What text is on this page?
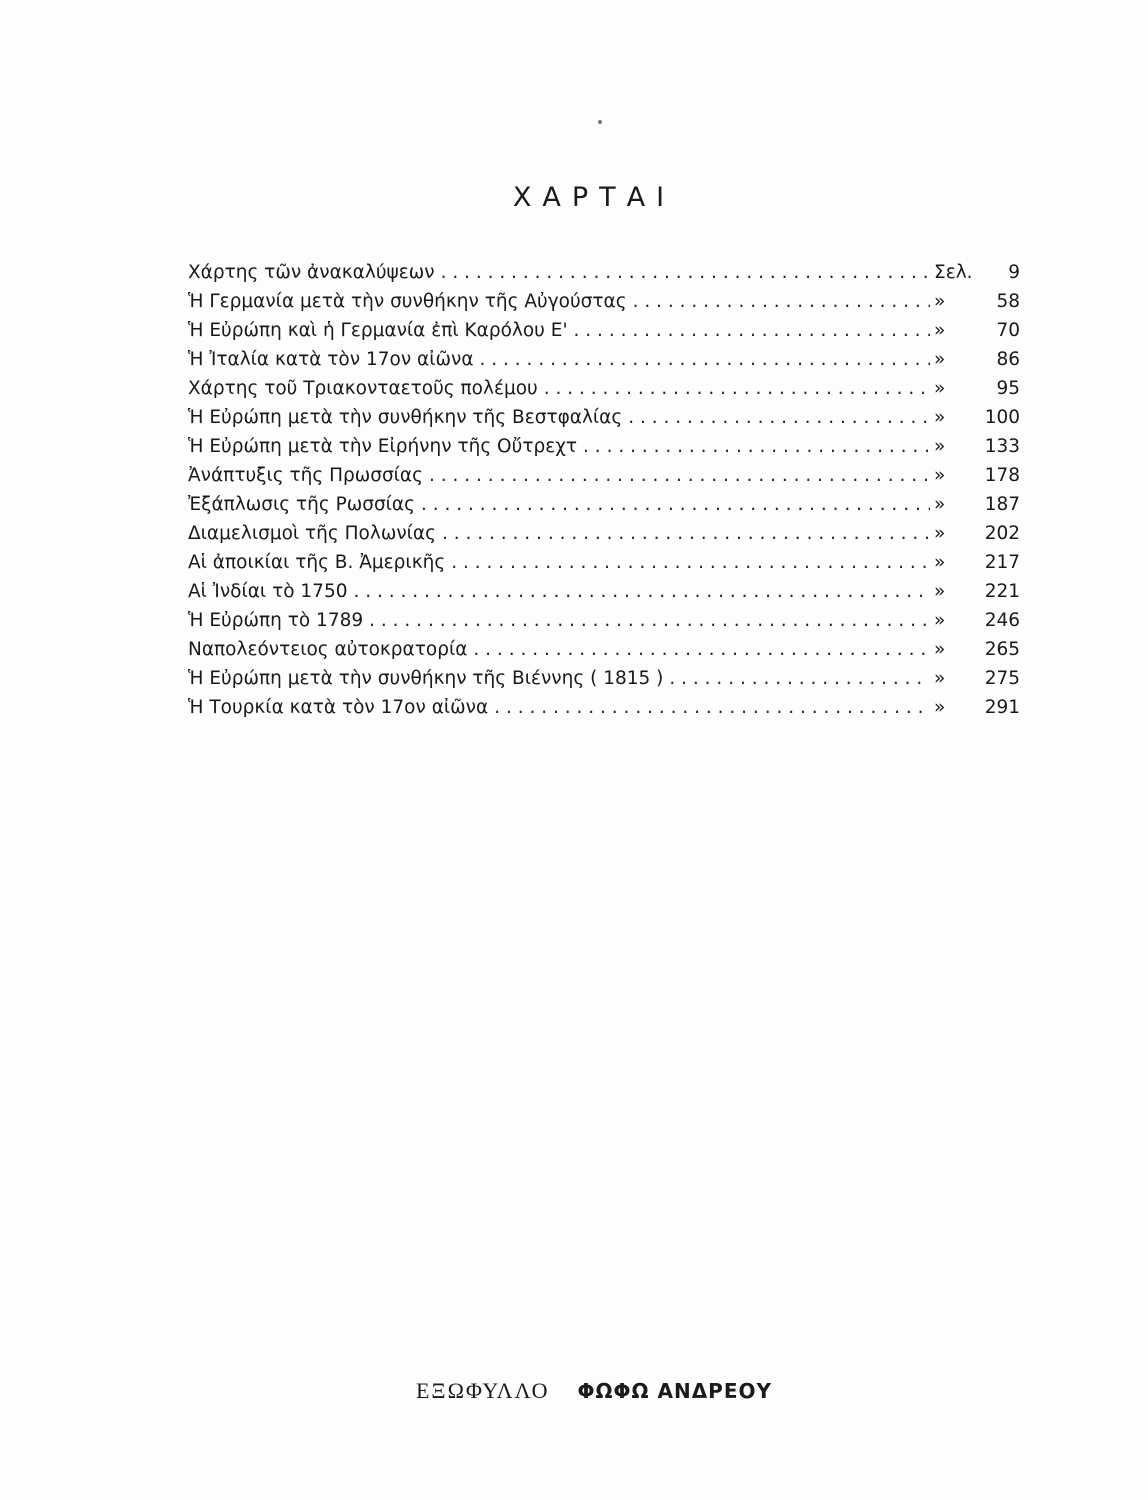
ΧΑΡΤΑΙ
Χάρτης τῶν ἀνακαλύψεων . . .	Σελ.	9
Ἡ Γερμανία μετὰ τὴν συνθήκην τῆς Αὐγούστας . . .	»	58
Ἡ Εὐρώπη καὶ ἡ Γερμανία ἐπὶ Καρόλου Ε' . . .	»	70
Ἡ Ἰταλία κατὰ τὸν 17ον αἰῶνα . . .	»	86
Χάρτης τοῦ Τριακονταετοῦς πολέμου . . .	»	95
Ἡ Εὐρώπη μετὰ τὴν συνθήκην τῆς Βεστφαλίας . . .	»	100
Ἡ Εὐρώπη μετὰ τὴν Εἰρήνην τῆς Οὔτρεχτ . . .	»	133
Ἀνάπτυξις τῆς Πρωσσίας . . .	»	178
Ἐξάπλωσις τῆς Ρωσσίας . . .	»	187
Διαμελισμοὶ τῆς Πολωνίας . . .	»	202
Αἱ ἀποικίαι τῆς Β. Ἀμερικῆς . . .	»	217
Αἱ Ἰνδίαι τὸ 1750 . . .	»	221
Ἡ Εὐρώπη τὸ 1789 . . .	»	246
Ναπολεόντειος αὐτοκρατορία . . .	»	265
Ἡ Εὐρώπη μετὰ τὴν συνθήκην τῆς Βιέννης ( 1815 ) . . .	»	275
Ἡ Τουρκία κατὰ τὸν 17ον αἰῶνα . . .	»	291
ΕΞΩΦΥΛΛΟ ΦΩΦΩ ΑΝΔΡΕΟΥ
